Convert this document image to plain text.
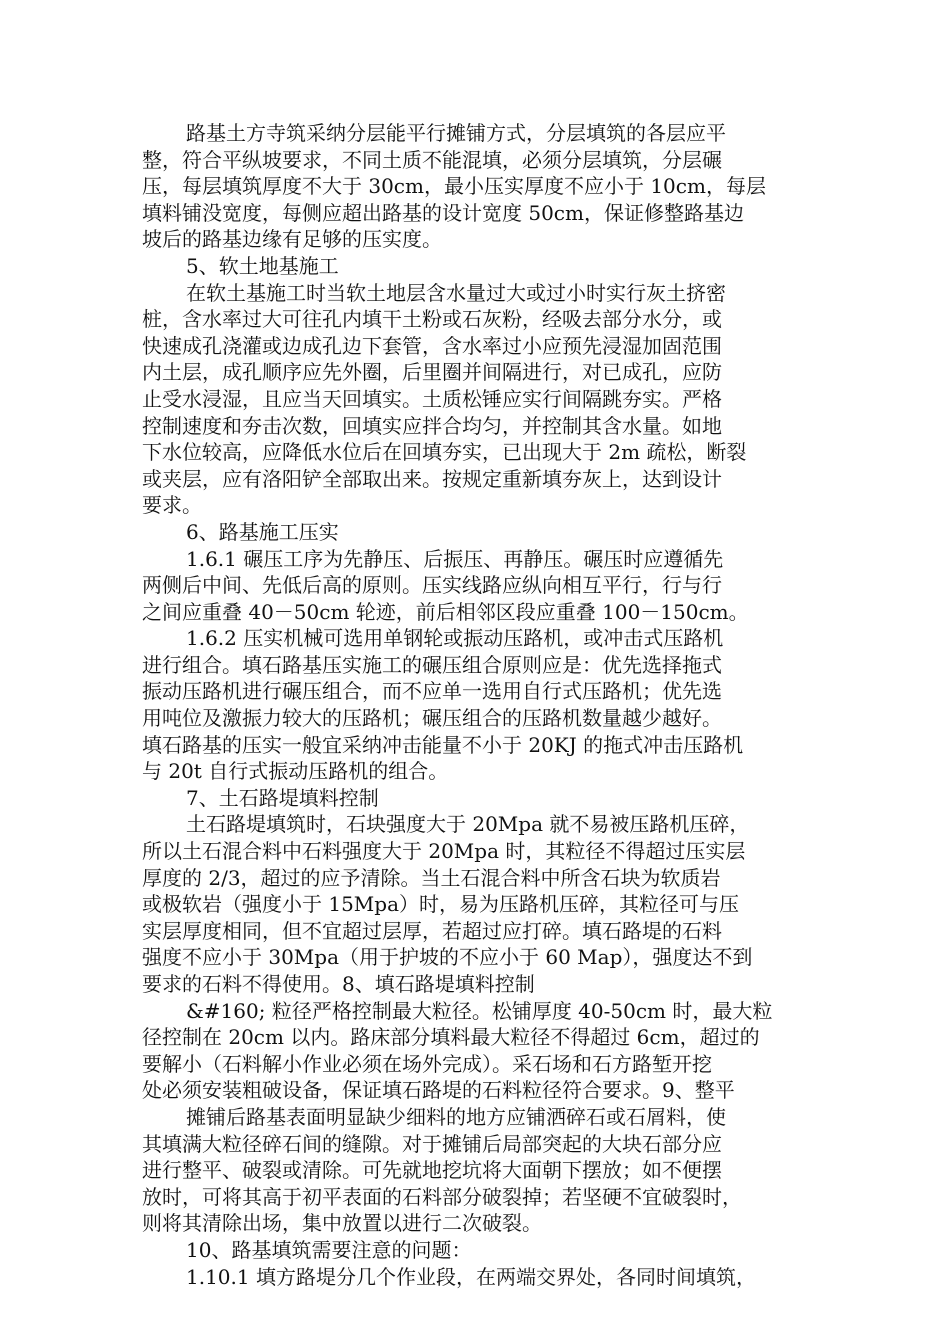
路基土方寺筑采纳分层能平行摊铺方式，分层填筑的各层应平
整，符合平纵坡要求，不同土质不能混填，必须分层填筑，分层碾
压，每层填筑厚度不大于 30cm，最小压实厚度不应小于 10cm，每层
填料铺没宽度，每侧应超出路基的设计宽度 50cm，保证修整路基边
坡后的路基边缘有足够的压实度。
5、软土地基施工
在软土基施工时当软土地层含水量过大或过小时实行灰土挤密
桩，含水率过大可往孔内填干土粉或石灰粉，经吸去部分水分，或
快速成孔浇灌或边成孔边下套管，含水率过小应预先浸湿加固范围
内土层，成孔顺序应先外圈，后里圈并间隔进行，对已成孔，应防
止受水浸湿，且应当天回填实。土质松锤应实行间隔跳夯实。严格
控制速度和夯击次数，回填实应拌合均匀，并控制其含水量。如地
下水位较高，应降低水位后在回填夯实，已出现大于 2m 疏松，断裂
或夹层，应有洛阳铲全部取出来。按规定重新填夯灰上，达到设计
要求。
6、路基施工压实
1.6.1 碾压工序为先静压、后振压、再静压。碾压时应遵循先
两侧后中间、先低后高的原则。压实线路应纵向相互平行，行与行
之间应重叠 40－50cm 轮迹，前后相邻区段应重叠 100－150cm。
1.6.2 压实机械可选用单钢轮或振动压路机，或冲击式压路机
进行组合。填石路基压实施工的碾压组合原则应是：优先选择拖式
振动压路机进行碾压组合，而不应单一选用自行式压路机；优先选
用吨位及激振力较大的压路机；碾压组合的压路机数量越少越好。
填石路基的压实一般宜采纳冲击能量不小于 20KJ 的拖式冲击压路机
与 20t 自行式振动压路机的组合。
7、土石路堤填料控制
土石路堤填筑时，石块强度大于 20Mpa 就不易被压路机压碎，
所以土石混合料中石料强度大于 20Mpa 时，其粒径不得超过压实层
厚度的 2/3，超过的应予清除。当土石混合料中所含石块为软质岩
或极软岩（强度小于 15Mpa）时，易为压路机压碎，其粒径可与压
实层厚度相同，但不宜超过层厚，若超过应打碎。填石路堤的石料
强度不应小于 30Mpa（用于护坡的不应小于 60 Map），强度达不到
要求的石料不得使用。8、填石路堤填料控制
&#160; 粒径严格控制最大粒径。松铺厚度 40-50cm 时，最大粒
径控制在 20cm 以内。路床部分填料最大粒径不得超过 6cm，超过的
要解小（石料解小作业必须在场外完成）。采石场和石方路堑开挖
处必须安装粗破设备，保证填石路堤的石料粒径符合要求。9、整平
摊铺后路基表面明显缺少细料的地方应铺洒碎石或石屑料，使
其填满大粒径碎石间的缝隙。对于摊铺后局部突起的大块石部分应
进行整平、破裂或清除。可先就地挖坑将大面朝下摆放；如不便摆
放时，可将其高于初平表面的石料部分破裂掉；若坚硬不宜破裂时，
则将其清除出场，集中放置以进行二次破裂。
10、路基填筑需要注意的问题：
1.10.1 填方路堤分几个作业段，在两端交界处，各同时间填筑，
